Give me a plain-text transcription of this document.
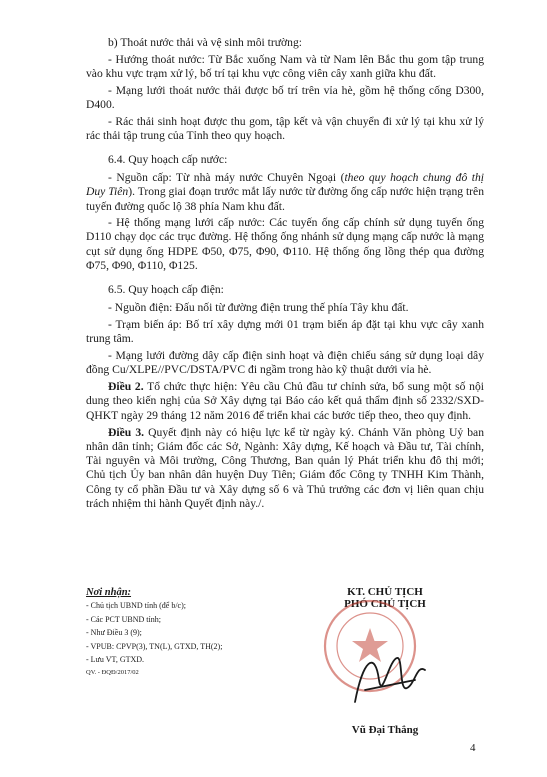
b) Thoát nước thải và vệ sinh môi trường:

- Hướng thoát nước: Từ Bắc xuống Nam và từ Nam lên Bắc thu gom tập trung vào khu vực trạm xử lý, bố trí tại khu vực công viên cây xanh giữa khu đất.

- Mạng lưới thoát nước thải được bố trí trên vỉa hè, gồm hệ thống cống D300, D400.

- Rác thải sinh hoạt được thu gom, tập kết và vận chuyển đi xử lý tại khu xử lý rác thải tập trung của Tỉnh theo quy hoạch.

6.4. Quy hoạch cấp nước:

- Nguồn cấp: Từ nhà máy nước Chuyên Ngoại (theo quy hoạch chung đô thị Duy Tiên). Trong giai đoạn trước mắt lấy nước từ đường ống cấp nước hiện trạng trên tuyến đường quốc lộ 38 phía Nam khu đất.

- Hệ thống mạng lưới cấp nước: Các tuyến ống cấp chính sử dụng tuyến ống D110 chạy dọc các trục đường. Hệ thống ống nhánh sử dụng mạng cấp nước là mạng cụt sử dụng ống HDPE Φ50, Φ75, Φ90, Φ110. Hệ thống ống lồng thép qua đường Φ75, Φ90, Φ110, Φ125.

6.5. Quy hoạch cấp điện:

- Nguồn điện: Đấu nối từ đường điện trung thế phía Tây khu đất.

- Trạm biến áp: Bố trí xây dựng mới 01 trạm biến áp đặt tại khu vực cây xanh trung tâm.

- Mạng lưới đường dây cấp điện sinh hoạt và điện chiếu sáng sử dụng loại dây đồng Cu/XLPE//PVC/DSTA/PVC đi ngầm trong hào kỹ thuật dưới vỉa hè.

Điều 2. Tổ chức thực hiện: Yêu cầu Chủ đầu tư chỉnh sửa, bổ sung một số nội dung theo kiến nghị của Sở Xây dựng tại Báo cáo kết quả thẩm định số 2332/SXD-QHKT ngày 29 tháng 12 năm 2016 để triển khai các bước tiếp theo, theo quy định.

Điều 3. Quyết định này có hiệu lực kể từ ngày ký. Chánh Văn phòng Uỷ ban nhân dân tỉnh; Giám đốc các Sở, Ngành: Xây dựng, Kế hoạch và Đầu tư, Tài chính, Tài nguyên và Môi trường, Công Thương, Ban quản lý Phát triển khu đô thị mới; Chủ tịch Ủy ban nhân dân huyện Duy Tiên; Giám đốc Công ty TNHH Kim Thành, Công ty cổ phần Đầu tư và Xây dựng số 6 và Thủ trưởng các đơn vị liên quan chịu trách nhiệm thi hành Quyết định này./.

Nơi nhận:
- Chủ tịch UBND tỉnh (để b/c);
- Các PCT UBND tỉnh;
- Như Điều 3 (9);
- VPUB: CPVP(3), TN(L), GTXD, TH(2);
- Lưu VT, GTXD.
QV. - ĐQĐ/2017/02
KT. CHỦ TỊCH
PHÓ CHỦ TỊCH
Vũ Đại Thắng
4
